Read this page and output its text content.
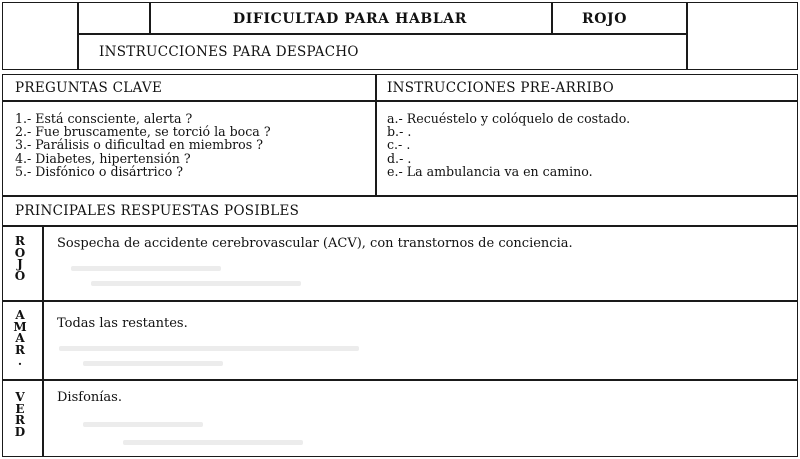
DIFICULTAD PARA HABLAR	ROJO
INSTRUCCIONES PARA DESPACHO
PREGUNTAS CLAVE	INSTRUCCIONES PRE-ARRIBO
1.- Está consciente, alerta ?
2.- Fue bruscamente, se torció la boca ?
3.- Parálisis o dificultad en miembros ?
4.- Diabetes, hipertensión ?
5.- Disfónico o disártrico ?
a.- Recuéstelo y colóquelo de costado.
b.- .
c.- .
d.- .
e.- La ambulancia va en camino.
PRINCIPALES RESPUESTAS POSIBLES
R
O
J
O
Sospecha de accidente cerebrovascular (ACV), con transtornos de conciencia.
A
M
A
R
.
Todas las restantes.
V
E
R
D
Disfonías.
